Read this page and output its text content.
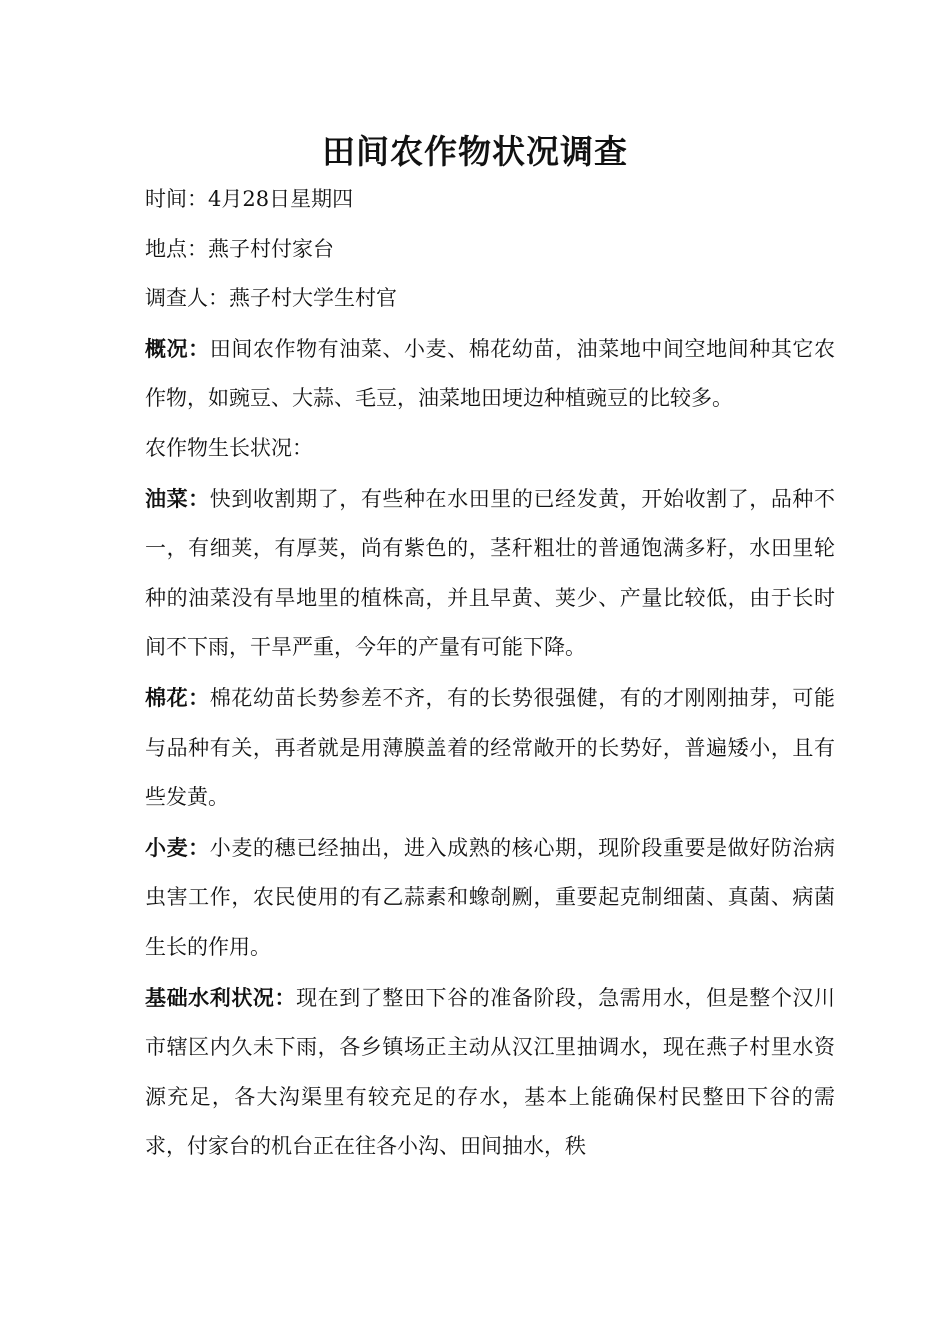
田间农作物状况调查

时间：4月28日星期四

地点：燕子村付家台

调查人：燕子村大学生村官

概况：田间农作物有油菜、小麦、棉花幼苗，油菜地中间空地间种其它农作物，如豌豆、大蒜、毛豆，油菜地田埂边种植豌豆的比较多。

农作物生长状况：

油菜：快到收割期了，有些种在水田里的已经发黄，开始收割了，品种不一，有细荚，有厚荚，尚有紫色的，茎秆粗壮的普通饱满多籽，水田里轮种的油菜没有旱地里的植株高，并且早黄、荚少、产量比较低，由于长时间不下雨，干旱严重，今年的产量有可能下降。

棉花：棉花幼苗长势参差不齐，有的长势很强健，有的才刚刚抽芽，可能与品种有关，再者就是用薄膜盖着的经常敞开的长势好，普遍矮小，且有些发黄。

小麦：小麦的穗已经抽出，进入成熟的核心期，现阶段重要是做好防治病虫害工作，农民使用的有乙蒜素和蟓剞劂，重要起克制细菌、真菌、病菌生长的作用。

基础水利状况：现在到了整田下谷的准备阶段，急需用水，但是整个汉川市辖区内久未下雨，各乡镇场正主动从汉江里抽调水，现在燕子村里水资源充足，各大沟渠里有较充足的存水，基本上能确保村民整田下谷的需求，付家台的机台正在往各小沟、田间抽水，秩
